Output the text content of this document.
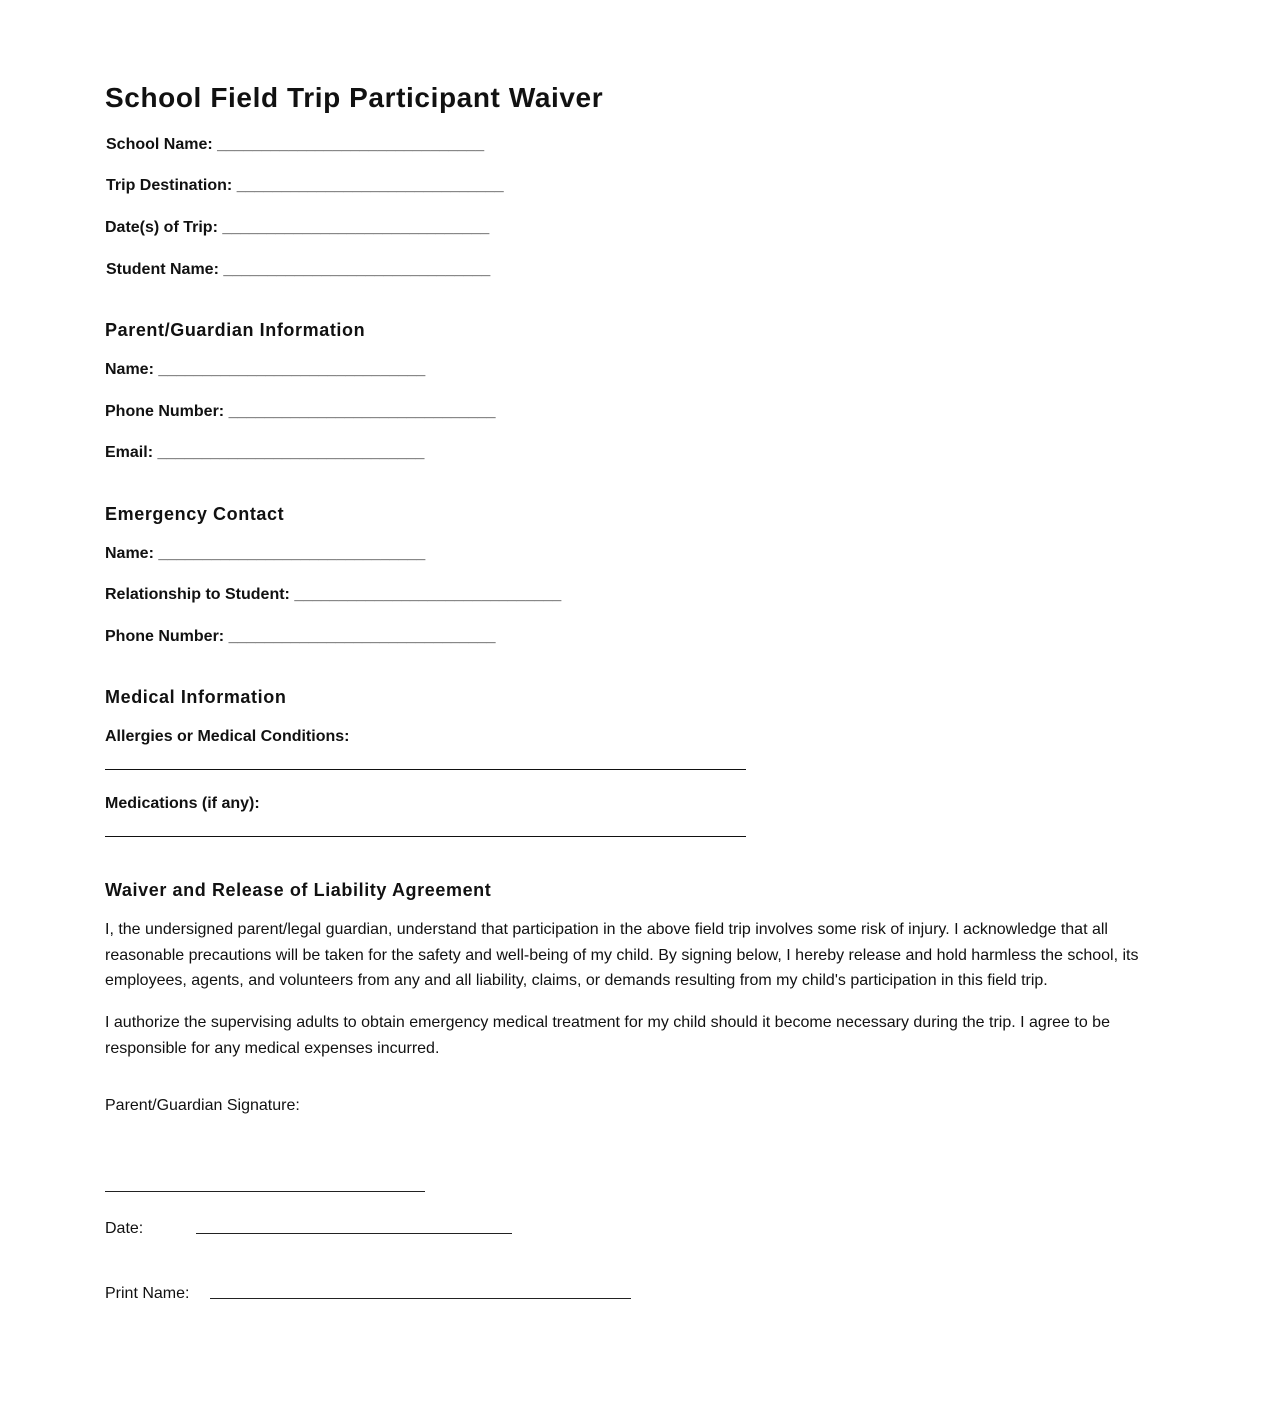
School Field Trip Participant Waiver
School Name: ______________________________
Trip Destination: ______________________________
Date(s) of Trip: ______________________________
Student Name: ______________________________
Parent/Guardian Information
Name: ______________________________
Phone Number: ______________________________
Email: ______________________________
Emergency Contact
Name: ______________________________
Relationship to Student: ______________________________
Phone Number: ______________________________
Medical Information
Allergies or Medical Conditions:
Medications (if any):
Waiver and Release of Liability Agreement

I, the undersigned parent/legal guardian, understand that participation in the above field trip involves some risk of injury. I acknowledge that all reasonable precautions will be taken for the safety and well-being of my child. By signing below, I hereby release and hold harmless the school, its employees, agents, and volunteers from any and all liability, claims, or demands resulting from my child's participation in this field trip.

I authorize the supervising adults to obtain emergency medical treatment for my child should it become necessary during the trip. I agree to be responsible for any medical expenses incurred.

Parent/Guardian Signature:
Date:
Print Name:
